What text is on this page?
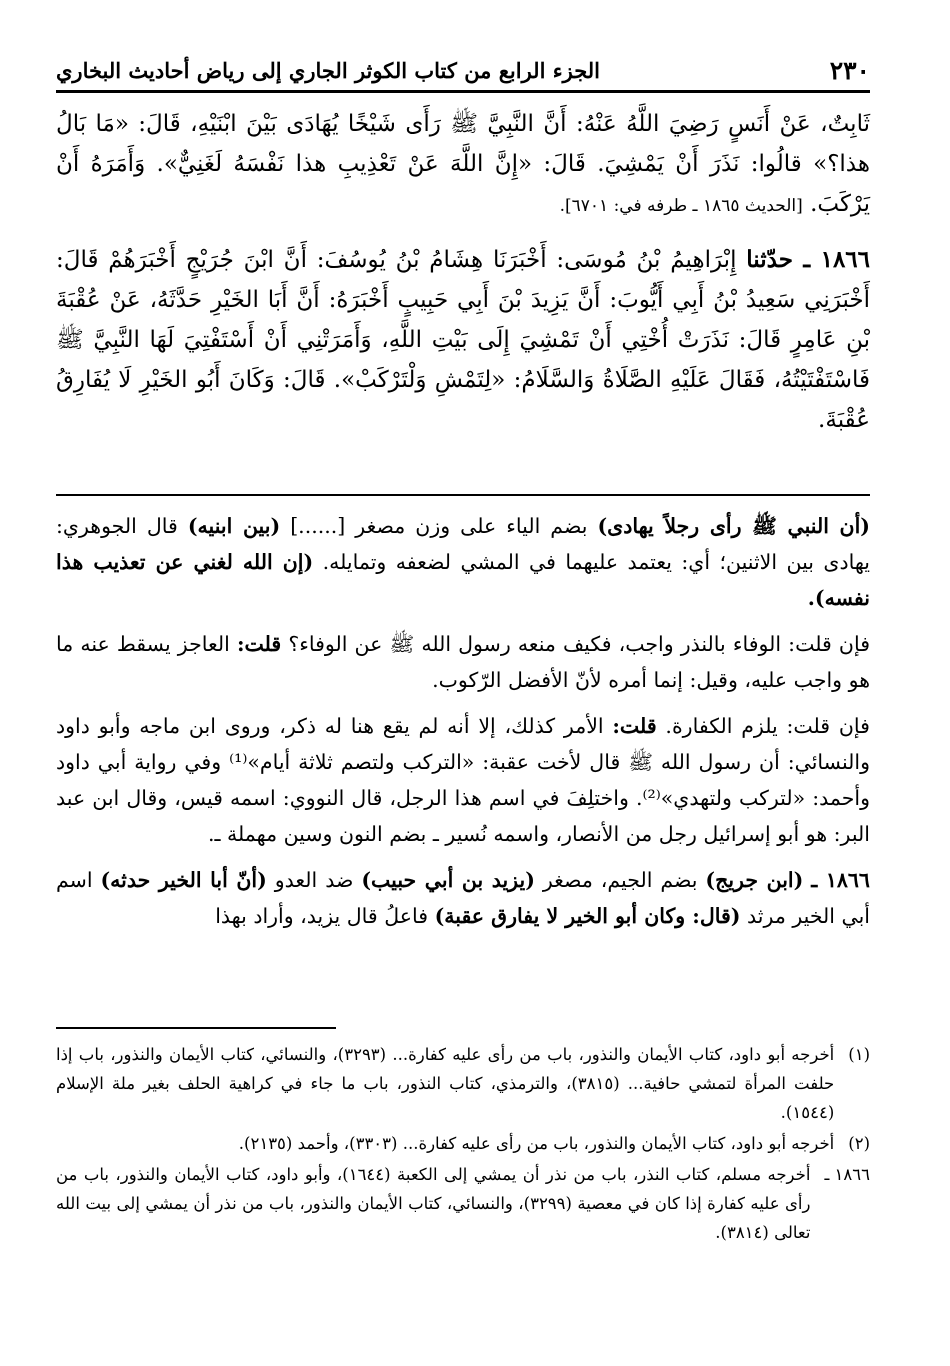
٢٣٠
الجزء الرابع من كتاب الكوثر الجاري إلى رياض أحاديث البخاري

ثَابِتٌ، عَنْ أَنَسٍ رَضِيَ اللَّهُ عَنْهُ: أَنَّ النَّبِيَّ ﷺ رَأَى شَيْخًا يُهَادَى بَيْنَ ابْنَيْهِ، قَالَ: «مَا بَالُ هذا؟» قالُوا: نَذَرَ أَنْ يَمْشِيَ. قَالَ: «إِنَّ اللَّهَ عَنْ تَعْذِيبِ هذا نَفْسَهُ لَغَنِيٌّ». وَأَمَرَهُ أَنْ يَرْكَبَ. [الحديث ١٨٦٥ ـ طرفه في: ٦٧٠١].

١٨٦٦ ـ حدّثنا إِبْرَاهِيمُ بْنُ مُوسَى: أَخْبَرَنَا هِشَامُ بْنُ يُوسُفَ: أَنَّ ابْنَ جُرَيْجٍ أَخْبَرَهُمْ قَالَ: أَخْبَرَنِي سَعِيدُ بْنُ أَبِي أَيُّوبَ: أَنَّ يَزِيدَ بْنَ أَبِي حَبِيبٍ أَخْبَرَهُ: أَنَّ أَبَا الخَيْرِ حَدَّثَهُ، عَنْ عُقْبَةَ بْنِ عَامِرٍ قَالَ: نَذَرَتْ أُخْتِي أَنْ تَمْشِيَ إِلَى بَيْتِ اللَّهِ، وَأَمَرَتْنِي أَنْ أَسْتَفْتِيَ لَهَا النَّبِيَّ ﷺ فَاسْتَفْتَيْتُهُ، فَقَالَ عَلَيْهِ الصَّلَاةُ وَالسَّلَامُ: «لِتَمْشِ وَلْتَرْكَبْ». قَالَ: وَكَانَ أَبُو الخَيْرِ لَا يُفَارِقُ عُقْبَةَ.

(أن النبي ﷺ رأى رجلاً يهادى) بضم الياء على وزن مصغر [......] (بين ابنيه) قال الجوهري: يهادى بين الاثنين؛ أي: يعتمد عليهما في المشي لضعفه وتمايله. (إن الله لغني عن تعذيب هذا نفسه).

فإن قلت: الوفاء بالنذر واجب، فكيف منعه رسول الله ﷺ عن الوفاء؟ قلت: العاجز يسقط عنه ما هو واجب عليه، وقيل: إنما أمره لأنّ الأفضل الرّكوب.

فإن قلت: يلزم الكفارة. قلت: الأمر كذلك، إلا أنه لم يقع هنا له ذكر، وروى ابن ماجه وأبو داود والنسائي: أن رسول الله ﷺ قال لأخت عقبة: «التركب ولتصم ثلاثة أيام»⁽¹⁾ وفي رواية أبي داود وأحمد: «لتركب ولتهدي»⁽²⁾. واختلِفَ في اسم هذا الرجل، قال النووي: اسمه قيس، وقال ابن عبد البر: هو أبو إسرائيل رجل من الأنصار، واسمه نُسير ـ بضم النون وسين مهملة ـ.

١٨٦٦ ـ (ابن جريج) بضم الجيم، مصغر (يزيد بن أبي حبيب) ضد العدو (أنّ أبا الخير حدثه) اسم أبي الخير مرثد (قال: وكان أبو الخير لا يفارق عقبة) فاعلُ قال يزيد، وأراد بهذا

(١)
أخرجه أبو داود، كتاب الأيمان والنذور، باب من رأى عليه كفارة... (٣٢٩٣)، والنسائي، كتاب الأيمان والنذور، باب إذا حلفت المرأة لتمشي حافية... (٣٨١٥)، والترمذي، كتاب النذور، باب ما جاء في كراهية الحلف بغير ملة الإسلام (١٥٤٤).
(٢)
أخرجه أبو داود، كتاب الأيمان والنذور، باب من رأى عليه كفارة... (٣٣٠٣)، وأحمد (٢١٣٥).
١٨٦٦ ـ
أخرجه مسلم، كتاب النذر، باب من نذر أن يمشي إلى الكعبة (١٦٤٤)، وأبو داود، كتاب الأيمان والنذور، باب من رأى عليه كفارة إذا كان في معصية (٣٢٩٩)، والنسائي، كتاب الأيمان والنذور، باب من نذر أن يمشي إلى بيت الله تعالى (٣٨١٤).
